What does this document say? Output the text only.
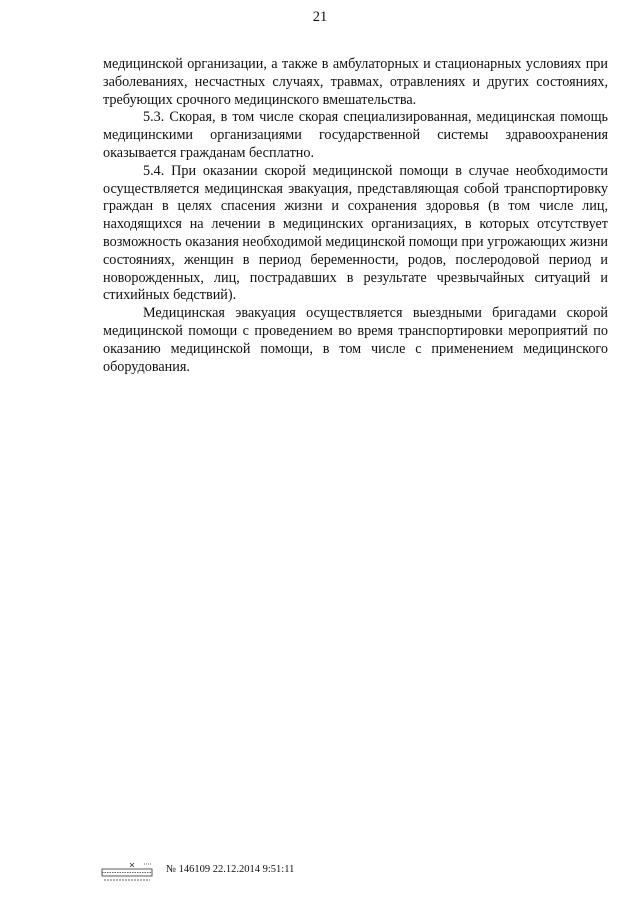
21

медицинской организации, а также в амбулаторных и стационарных условиях при заболеваниях, несчастных случаях, травмах, отравлениях и других состояниях, требующих срочного медицинского вмешательства.

5.3. Скорая, в том числе скорая специализированная, медицинская помощь медицинскими организациями государственной системы здравоохранения оказывается гражданам бесплатно.

5.4. При оказании скорой медицинской помощи в случае необходимости осуществляется медицинская эвакуация, представляющая собой транспортировку граждан в целях спасения жизни и сохранения здоровья (в том числе лиц, находящихся на лечении в медицинских организациях, в которых отсутствует возможность оказания необходимой медицинской помощи при угрожающих жизни состояниях, женщин в период беременности, родов, послеродовой период и новорожденных, лиц, пострадавших в результате чрезвычайных ситуаций и стихийных бедствий).

Медицинская эвакуация осуществляется выездными бригадами скорой медицинской помощи с проведением во время транспортировки мероприятий по оказанию медицинской помощи, в том числе с применением медицинского оборудования.

№ 146109 22.12.2014 9:51:11
